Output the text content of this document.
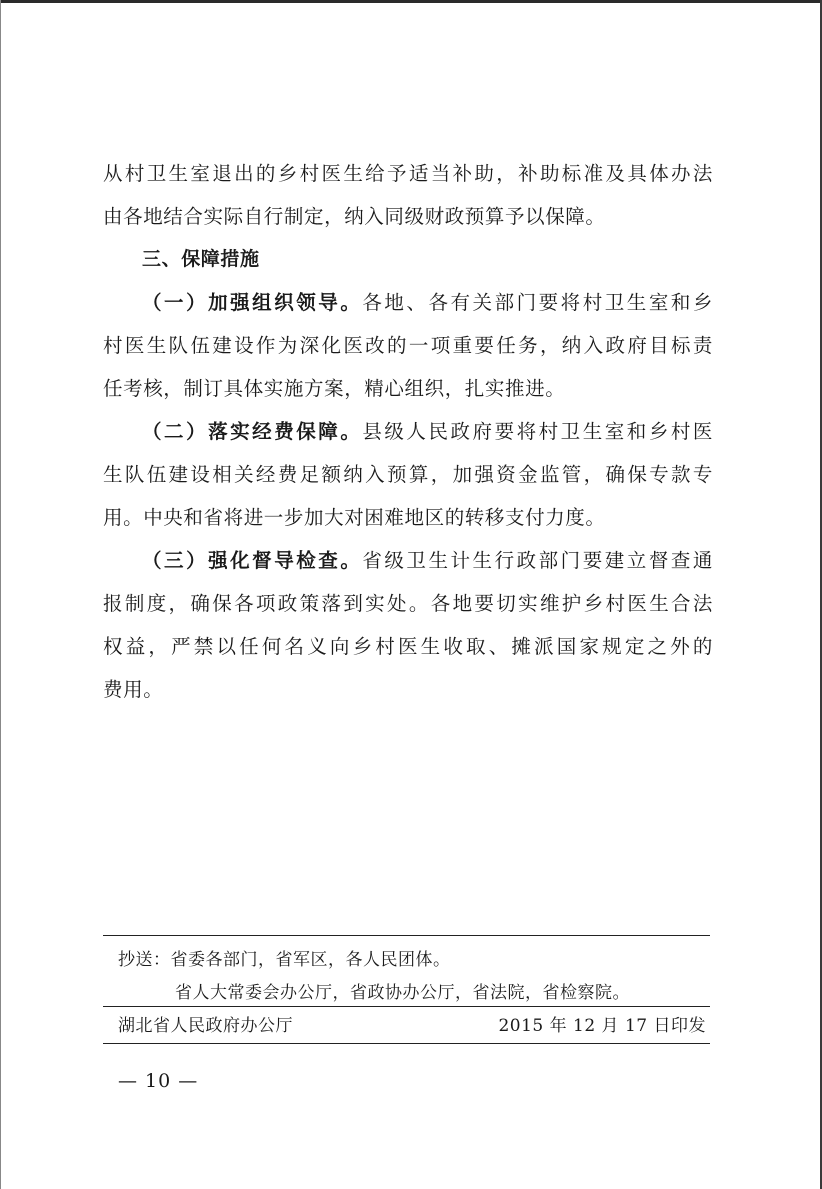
从村卫生室退出的乡村医生给予适当补助，补助标准及具体办法
由各地结合实际自行制定，纳入同级财政预算予以保障。
三、保障措施
（一）加强组织领导。各地、各有关部门要将村卫生室和乡
村医生队伍建设作为深化医改的一项重要任务，纳入政府目标责
任考核，制订具体实施方案，精心组织，扎实推进。
（二）落实经费保障。县级人民政府要将村卫生室和乡村医
生队伍建设相关经费足额纳入预算，加强资金监管，确保专款专
用。中央和省将进一步加大对困难地区的转移支付力度。
（三）强化督导检查。省级卫生计生行政部门要建立督查通
报制度，确保各项政策落到实处。各地要切实维护乡村医生合法
权益，严禁以任何名义向乡村医生收取、摊派国家规定之外的
费用。
抄送：省委各部门，省军区，各人民团体。
省人大常委会办公厅，省政协办公厅，省法院，省检察院。
湖北省人民政府办公厅	2015 年 12 月 17 日印发
— 10 —
